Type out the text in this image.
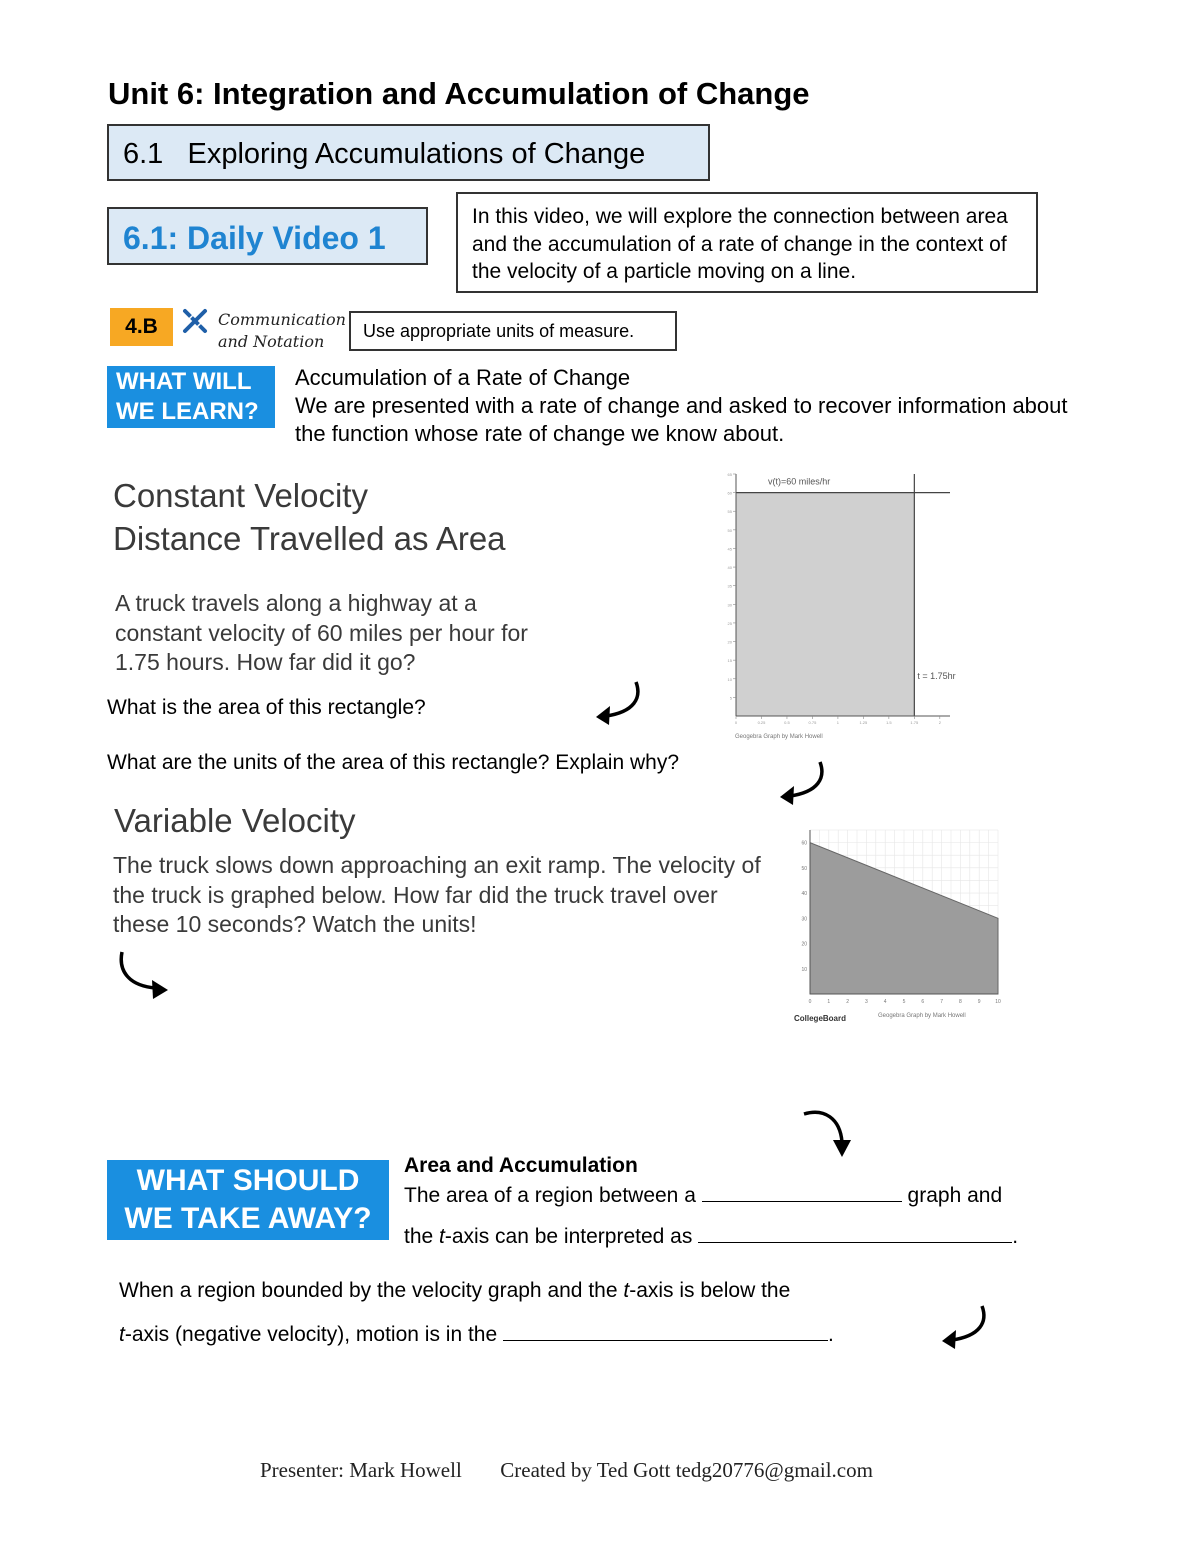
Unit 6: Integration and Accumulation of Change
6.1   Exploring Accumulations of Change
6.1: Daily Video 1
In this video, we will explore the connection between area and the accumulation of a rate of change in the context of the velocity of a particle moving on a line.
4.B	Communication
and Notation
Use appropriate units of measure.
WHAT WILL
WE LEARN?
Accumulation of a Rate of Change
We are presented with a rate of change and asked to recover information about the function whose rate of change we know about.
Constant Velocity
Distance Travelled as Area
A truck travels along a highway at a constant velocity of 60 miles per hour for 1.75 hours. How far did it go?
5
10
15
20
25
30
35
40
45
50
55
60
65
0	0.25	0.5	0.75	1	1.25	1.5	1.75	2
v(t)=60 miles/hr
t = 1.75hr
Geogebra Graph by Mark Howell
What is the area of this rectangle?
What are the units of the area of this rectangle? Explain why?
Variable Velocity
The truck slows down approaching an exit ramp. The velocity of the truck is graphed below. How far did the truck travel over these 10 seconds? Watch the units!
10
20
30
40
50
60
0	1	2	3	4	5	6	7	8	9	10
CollegeBoard	Geogebra Graph by Mark Howell
WHAT SHOULD
WE TAKE AWAY?
Area and Accumulation
The area of a region between a	graph and
the t-axis can be interpreted as	.
When a region bounded by the velocity graph and the t-axis is below the
t-axis (negative velocity), motion is in the	.
Presenter: Mark Howell Created by Ted Gott tedg20776@gmail.com
